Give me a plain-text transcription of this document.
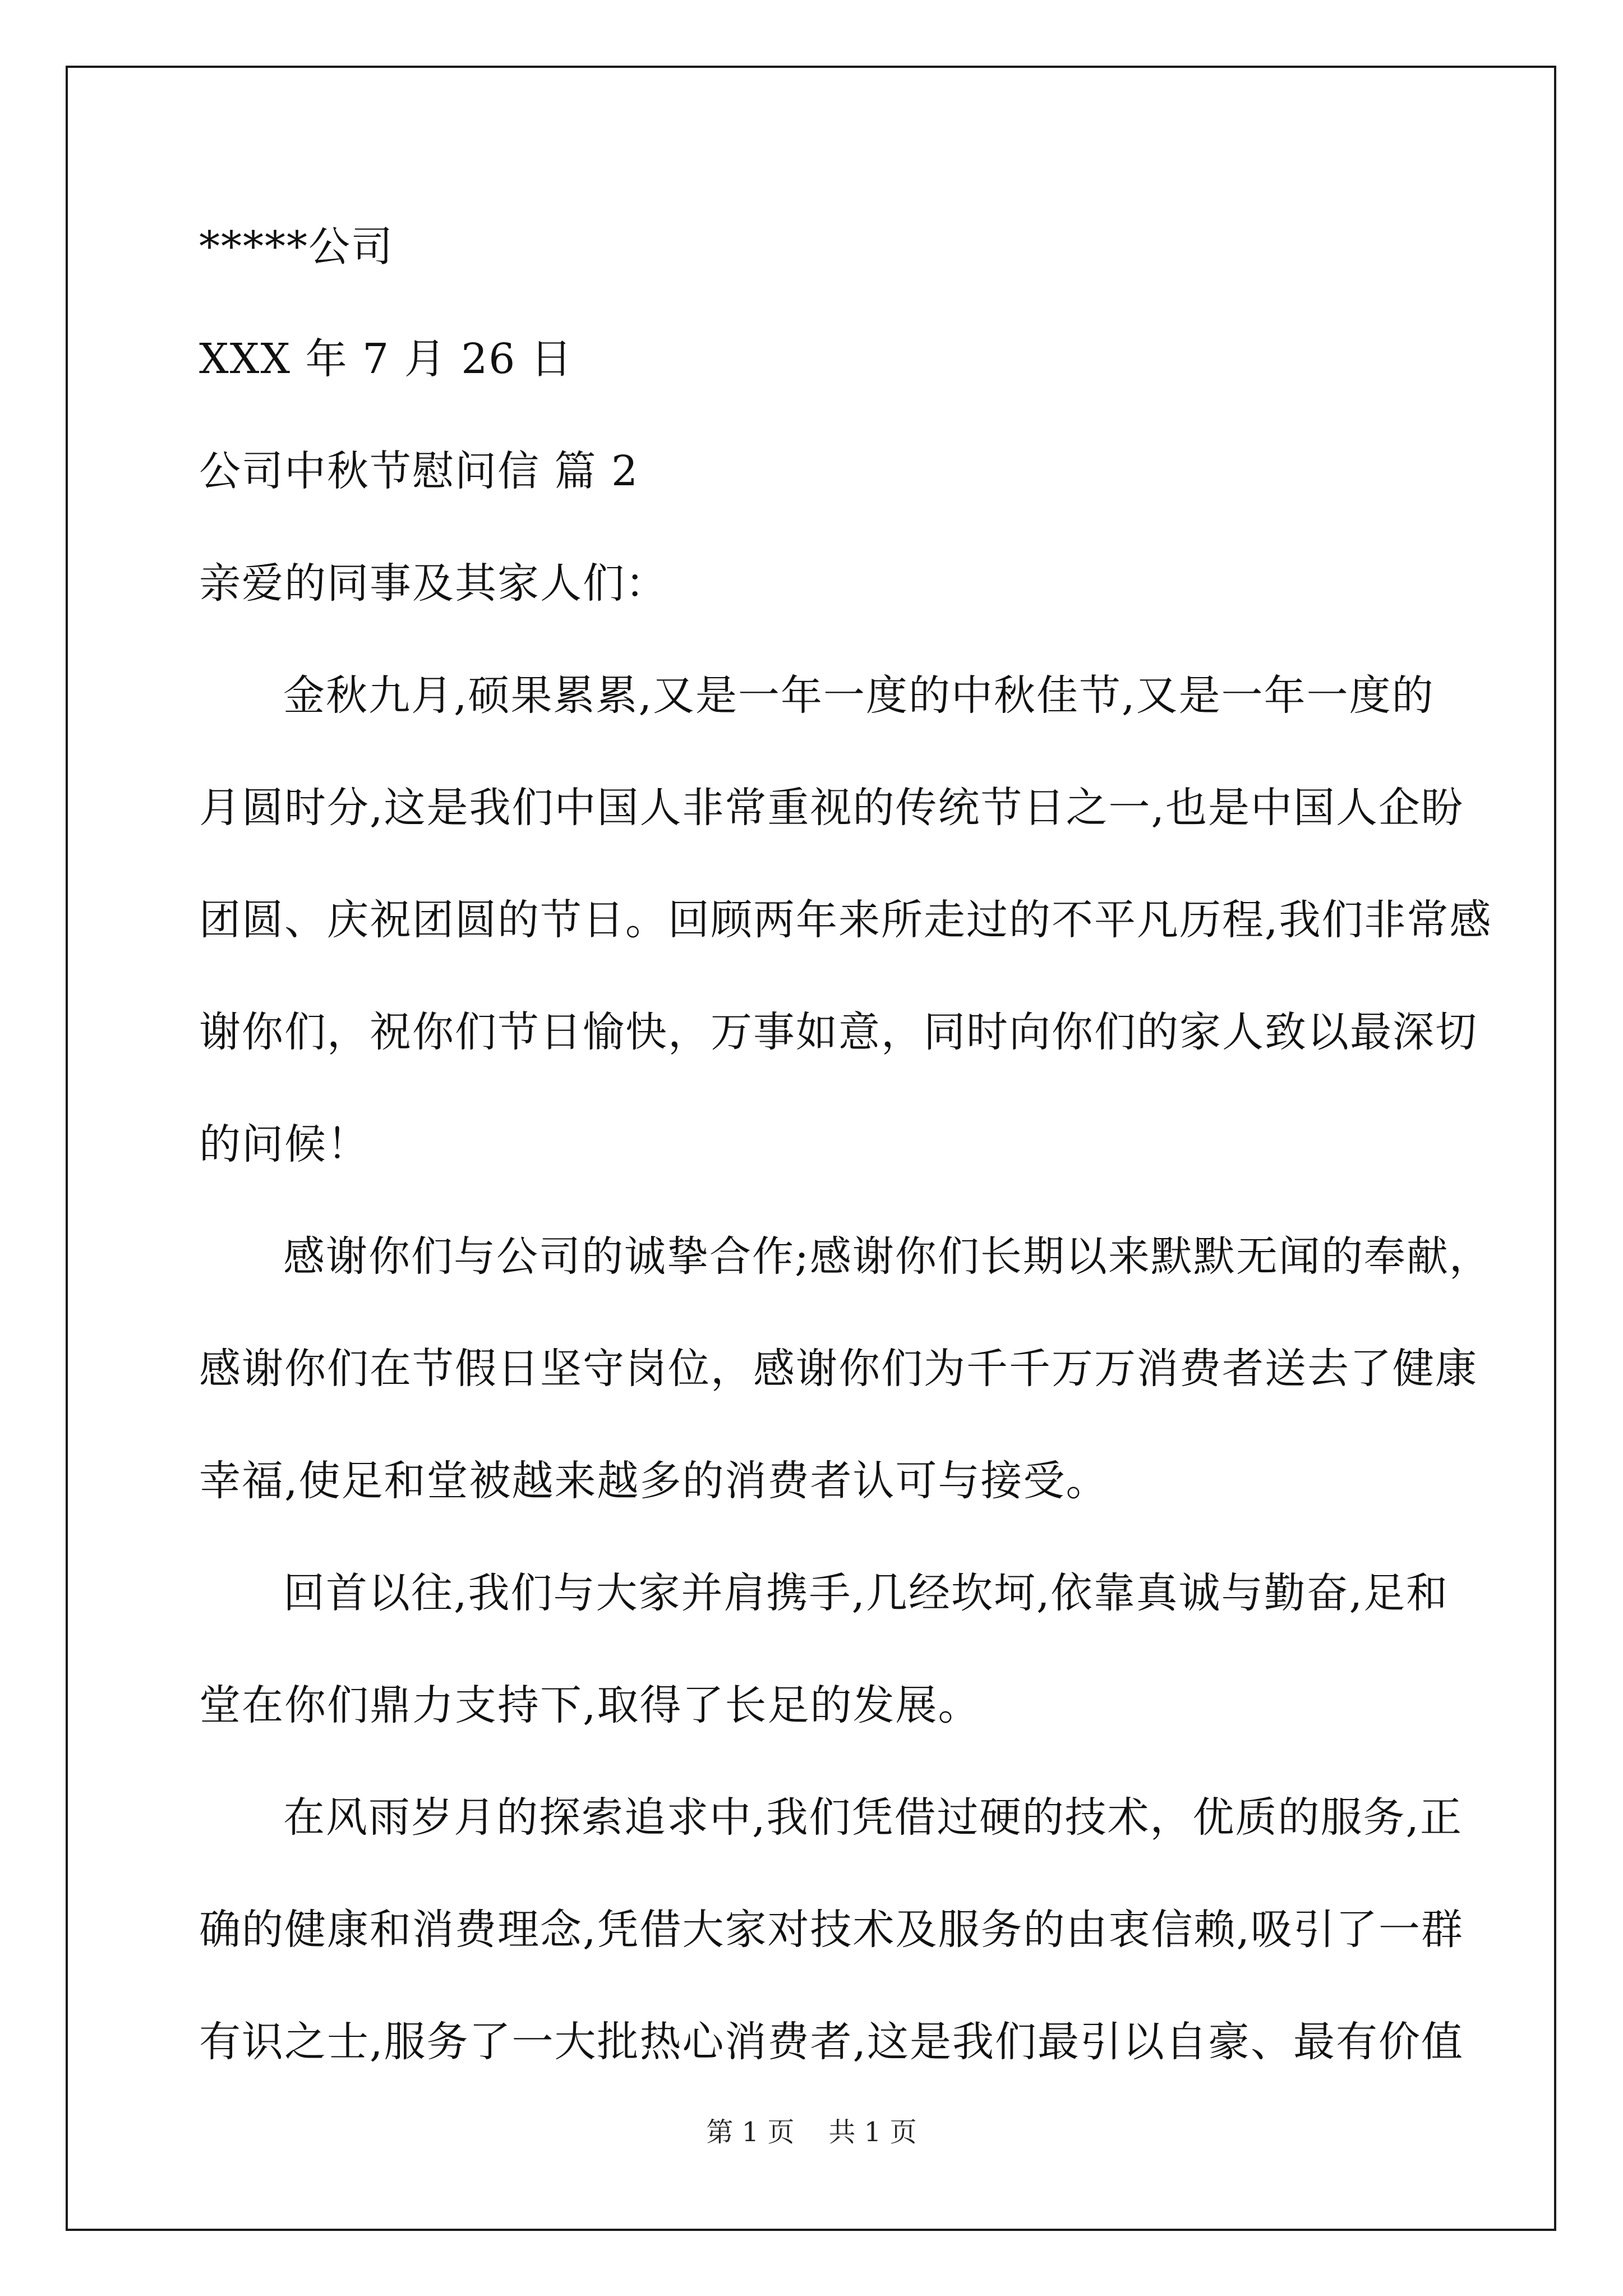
*****公司
XXX 年 7 月 26 日
公司中秋节慰问信 篇 2
亲爱的同事及其家人们：
金秋九月,硕果累累,又是一年一度的中秋佳节,又是一年一度的
月圆时分,这是我们中国人非常重视的传统节日之一,也是中国人企盼
团圆、庆祝团圆的节日。回顾两年来所走过的不平凡历程,我们非常感
谢你们，祝你们节日愉快，万事如意，同时向你们的家人致以最深切
的问候！
感谢你们与公司的诚挚合作;感谢你们长期以来默默无闻的奉献，
感谢你们在节假日坚守岗位，感谢你们为千千万万消费者送去了健康
幸福,使足和堂被越来越多的消费者认可与接受。
回首以往,我们与大家并肩携手,几经坎坷,依靠真诚与勤奋,足和
堂在你们鼎力支持下,取得了长足的发展。
在风雨岁月的探索追求中,我们凭借过硬的技术，优质的服务,正
确的健康和消费理念,凭借大家对技术及服务的由衷信赖,吸引了一群
有识之士,服务了一大批热心消费者,这是我们最引以自豪、最有价值
第 1 页    共 1 页
